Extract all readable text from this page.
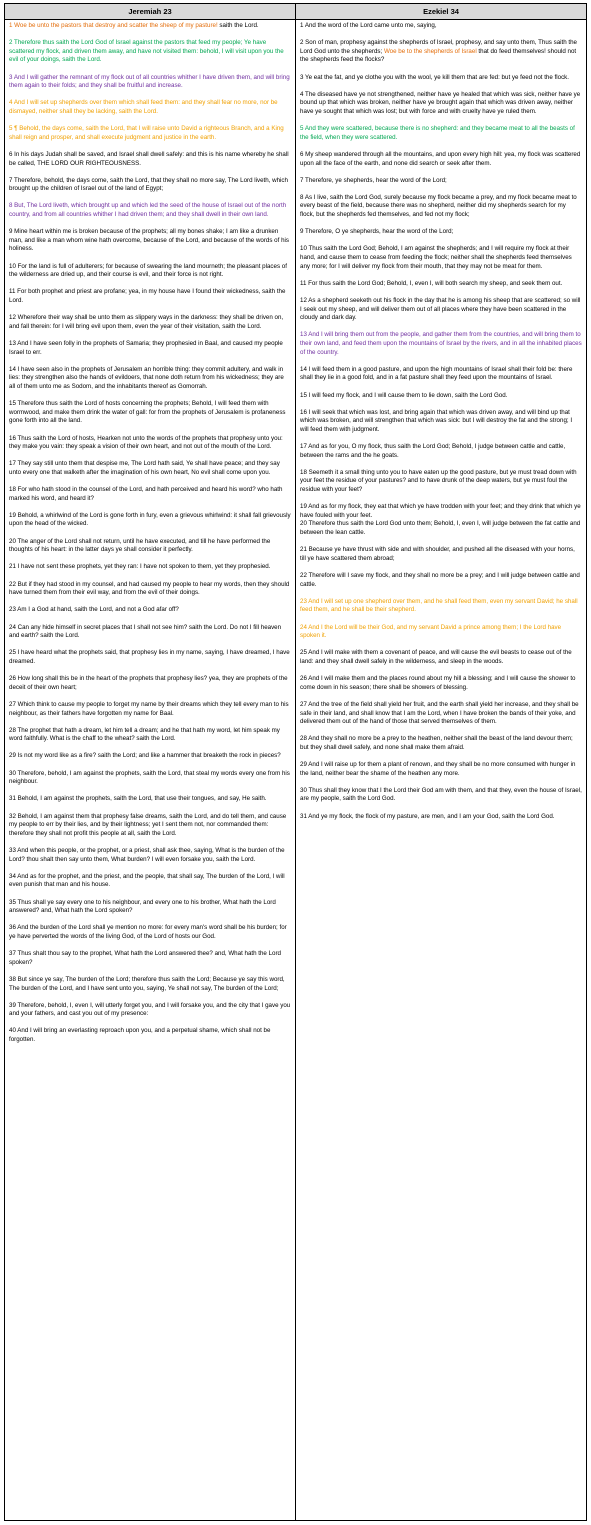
Jeremiah 23	Ezekiel 34

1 Woe be unto the pastors that destroy and scatter the sheep of my pasture! saith the Lord.

2 Therefore thus saith the Lord God of Israel against the pastors that feed my people; Ye have scattered my flock, and driven them away, and have not visited them: behold, I will visit upon you the evil of your doings, saith the Lord.

3 And I will gather the remnant of my flock out of all countries whither I have driven them, and will bring them again to their folds; and they shall be fruitful and increase.

4 And I will set up shepherds over them which shall feed them: and they shall fear no more, nor be dismayed, neither shall they be lacking, saith the Lord.

5 ¶ Behold, the days come, saith the Lord, that I will raise unto David a righteous Branch, and a King shall reign and prosper, and shall execute judgment and justice in the earth.

6 In his days Judah shall be saved, and Israel shall dwell safely: and this is his name whereby he shall be called, THE LORD OUR RIGHTEOUSNESS.

7 Therefore, behold, the days come, saith the Lord, that they shall no more say, The Lord liveth, which brought up the children of Israel out of the land of Egypt;

8 But, The Lord liveth, which brought up and which led the seed of the house of Israel out of the north country, and from all countries whither I had driven them; and they shall dwell in their own land.

9 Mine heart within me is broken because of the prophets; all my bones shake; I am like a drunken man, and like a man whom wine hath overcome, because of the Lord, and because of the words of his holiness.

10 For the land is full of adulterers; for because of swearing the land mourneth; the pleasant places of the wilderness are dried up, and their course is evil, and their force is not right.

11 For both prophet and priest are profane; yea, in my house have I found their wickedness, saith the Lord.

12 Wherefore their way shall be unto them as slippery ways in the darkness: they shall be driven on, and fall therein: for I will bring evil upon them, even the year of their visitation, saith the Lord.

13 And I have seen folly in the prophets of Samaria; they prophesied in Baal, and caused my people Israel to err.

14 I have seen also in the prophets of Jerusalem an horrible thing: they commit adultery, and walk in lies: they strengthen also the hands of evildoers, that none doth return from his wickedness; they are all of them unto me as Sodom, and the inhabitants thereof as Gomorrah.

15 Therefore thus saith the Lord of hosts concerning the prophets; Behold, I will feed them with wormwood, and make them drink the water of gall: for from the prophets of Jerusalem is profaneness gone forth into all the land.

16 Thus saith the Lord of hosts, Hearken not unto the words of the prophets that prophesy unto you: they make you vain: they speak a vision of their own heart, and not out of the mouth of the Lord.

17 They say still unto them that despise me, The Lord hath said, Ye shall have peace; and they say unto every one that walketh after the imagination of his own heart, No evil shall come upon you.

18 For who hath stood in the counsel of the Lord, and hath perceived and heard his word? who hath marked his word, and heard it?

19 Behold, a whirlwind of the Lord is gone forth in fury, even a grievous whirlwind: it shall fall grievously upon the head of the wicked.

20 The anger of the Lord shall not return, until he have executed, and till he have performed the thoughts of his heart: in the latter days ye shall consider it perfectly.

21 I have not sent these prophets, yet they ran: I have not spoken to them, yet they prophesied.

22 But if they had stood in my counsel, and had caused my people to hear my words, then they should have turned them from their evil way, and from the evil of their doings.

23 Am I a God at hand, saith the Lord, and not a God afar off?

24 Can any hide himself in secret places that I shall not see him? saith the Lord. Do not I fill heaven and earth? saith the Lord.

25 I have heard what the prophets said, that prophesy lies in my name, saying, I have dreamed, I have dreamed.

26 How long shall this be in the heart of the prophets that prophesy lies? yea, they are prophets of the deceit of their own heart;

27 Which think to cause my people to forget my name by their dreams which they tell every man to his neighbour, as their fathers have forgotten my name for Baal.

28 The prophet that hath a dream, let him tell a dream; and he that hath my word, let him speak my word faithfully. What is the chaff to the wheat? saith the Lord.

29 Is not my word like as a fire? saith the Lord; and like a hammer that breaketh the rock in pieces?

30 Therefore, behold, I am against the prophets, saith the Lord, that steal my words every one from his neighbour.

31 Behold, I am against the prophets, saith the Lord, that use their tongues, and say, He saith.

32 Behold, I am against them that prophesy false dreams, saith the Lord, and do tell them, and cause my people to err by their lies, and by their lightness; yet I sent them not, nor commanded them: therefore they shall not profit this people at all, saith the Lord.

33 And when this people, or the prophet, or a priest, shall ask thee, saying, What is the burden of the Lord? thou shalt then say unto them, What burden? I will even forsake you, saith the Lord.

34 And as for the prophet, and the priest, and the people, that shall say, The burden of the Lord, I will even punish that man and his house.

35 Thus shall ye say every one to his neighbour, and every one to his brother, What hath the Lord answered? and, What hath the Lord spoken?

36 And the burden of the Lord shall ye mention no more: for every man's word shall be his burden; for ye have perverted the words of the living God, of the Lord of hosts our God.

37 Thus shalt thou say to the prophet, What hath the Lord answered thee? and, What hath the Lord spoken?

38 But since ye say, The burden of the Lord; therefore thus saith the Lord; Because ye say this word, The burden of the Lord, and I have sent unto you, saying, Ye shall not say, The burden of the Lord;

39 Therefore, behold, I, even I, will utterly forget you, and I will forsake you, and the city that I gave you and your fathers, and cast you out of my presence:

40 And I will bring an everlasting reproach upon you, and a perpetual shame, which shall not be forgotten.

1 And the word of the Lord came unto me, saying,

2 Son of man, prophesy against the shepherds of Israel, prophesy, and say unto them, Thus saith the Lord God unto the shepherds; Woe be to the shepherds of Israel that do feed themselves! should not the shepherds feed the flocks?

3 Ye eat the fat, and ye clothe you with the wool, ye kill them that are fed: but ye feed not the flock.

4 The diseased have ye not strengthened, neither have ye healed that which was sick, neither have ye bound up that which was broken, neither have ye brought again that which was driven away, neither have ye sought that which was lost; but with force and with cruelty have ye ruled them.

5 And they were scattered, because there is no shepherd: and they became meat to all the beasts of the field, when they were scattered.

6 My sheep wandered through all the mountains, and upon every high hill: yea, my flock was scattered upon all the face of the earth, and none did search or seek after them.

7 Therefore, ye shepherds, hear the word of the Lord;

8 As I live, saith the Lord God, surely because my flock became a prey, and my flock became meat to every beast of the field, because there was no shepherd, neither did my shepherds search for my flock, but the shepherds fed themselves, and fed not my flock;

9 Therefore, O ye shepherds, hear the word of the Lord;

10 Thus saith the Lord God; Behold, I am against the shepherds; and I will require my flock at their hand, and cause them to cease from feeding the flock; neither shall the shepherds feed themselves any more; for I will deliver my flock from their mouth, that they may not be meat for them.

11 For thus saith the Lord God; Behold, I, even I, will both search my sheep, and seek them out.

12 As a shepherd seeketh out his flock in the day that he is among his sheep that are scattered; so will I seek out my sheep, and will deliver them out of all places where they have been scattered in the cloudy and dark day.

13 And I will bring them out from the people, and gather them from the countries, and will bring them to their own land, and feed them upon the mountains of Israel by the rivers, and in all the inhabited places of the country.

14 I will feed them in a good pasture, and upon the high mountains of Israel shall their fold be: there shall they lie in a good fold, and in a fat pasture shall they feed upon the mountains of Israel.

15 I will feed my flock, and I will cause them to lie down, saith the Lord God.

16 I will seek that which was lost, and bring again that which was driven away, and will bind up that which was broken, and will strengthen that which was sick: but I will destroy the fat and the strong; I will feed them with judgment.

17 And as for you, O my flock, thus saith the Lord God; Behold, I judge between cattle and cattle, between the rams and the he goats.

18 Seemeth it a small thing unto you to have eaten up the good pasture, but ye must tread down with your feet the residue of your pastures? and to have drunk of the deep waters, but ye must foul the residue with your feet?

19 And as for my flock, they eat that which ye have trodden with your feet; and they drink that which ye have fouled with your feet.

20 Therefore thus saith the Lord God unto them; Behold, I, even I, will judge between the fat cattle and between the lean cattle.

21 Because ye have thrust with side and with shoulder, and pushed all the diseased with your horns, till ye have scattered them abroad;

22 Therefore will I save my flock, and they shall no more be a prey; and I will judge between cattle and cattle.

23 And I will set up one shepherd over them, and he shall feed them, even my servant David; he shall feed them, and he shall be their shepherd.

24 And I the Lord will be their God, and my servant David a prince among them; I the Lord have spoken it.

25 And I will make with them a covenant of peace, and will cause the evil beasts to cease out of the land: and they shall dwell safely in the wilderness, and sleep in the woods.

26 And I will make them and the places round about my hill a blessing; and I will cause the shower to come down in his season; there shall be showers of blessing.

27 And the tree of the field shall yield her fruit, and the earth shall yield her increase, and they shall be safe in their land, and shall know that I am the Lord, when I have broken the bands of their yoke, and delivered them out of the hand of those that served themselves of them.

28 And they shall no more be a prey to the heathen, neither shall the beast of the land devour them; but they shall dwell safely, and none shall make them afraid.

29 And I will raise up for them a plant of renown, and they shall be no more consumed with hunger in the land, neither bear the shame of the heathen any more.

30 Thus shall they know that I the Lord their God am with them, and that they, even the house of Israel, are my people, saith the Lord God.

31 And ye my flock, the flock of my pasture, are men, and I am your God, saith the Lord God.
